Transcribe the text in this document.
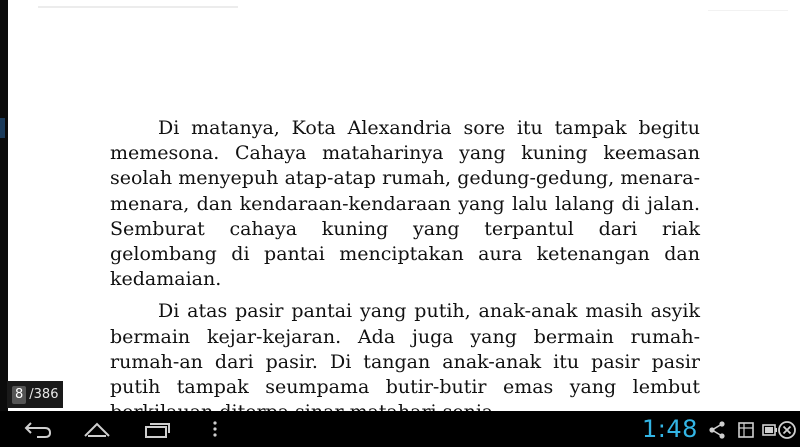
Di matanya, Kota Alexandria sore itu tampak begitu memesona. Cahaya mataharinya yang kuning keemasan seolah menyepuh atap-atap rumah, gedung-gedung, menara-menara, dan kendaraan-kendaraan yang lalu lalang di jalan. Semburat cahaya kuning yang terpantul dari riak gelombang di pantai menciptakan aura ketenangan dan kedamaian.

Di atas pasir pantai yang putih, anak-anak masih asyik bermain kejar-kejaran. Ada juga yang bermain rumah-rumah-an dari pasir. Di tangan anak-anak itu pasir pasir putih tampak seumpama butir-butir emas yang lembut

8 /386
1:48
